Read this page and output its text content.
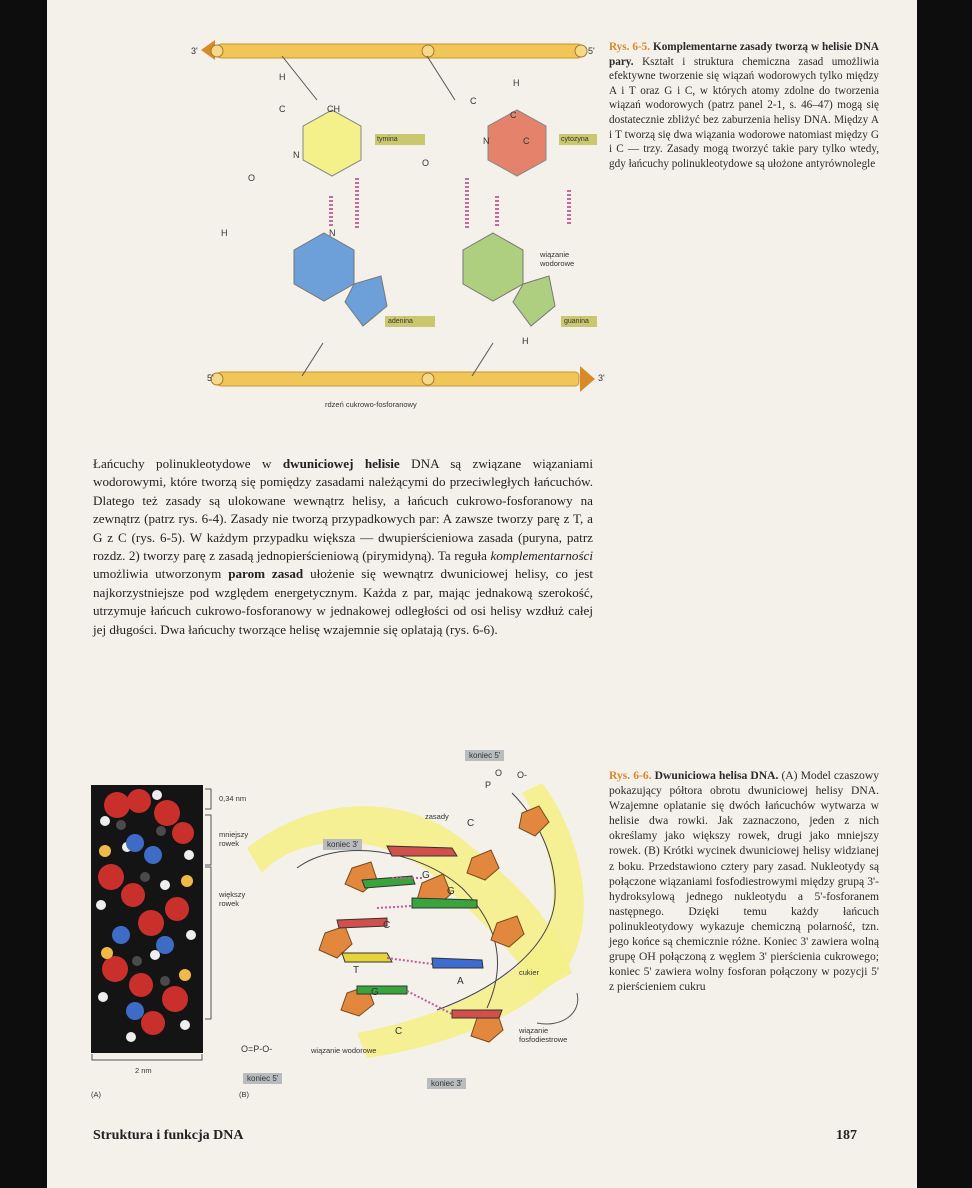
H
C	CH
N
O
C
H
C
N	C
O
H	N
H
3'	5'
5'	3'
tymina	cytozyna
adenina	guanina
wiązanie wodorowe
rdzeń cukrowo-fosforanowy
Rys. 6-5. Komplementarne zasady tworzą w helisie DNA pary. Kształt i struktura chemiczna zasad umożliwia efektywne tworzenie się wiązań wodorowych tylko między A i T oraz G i C, w których atomy zdolne do tworzenia wiązań wodorowych (patrz panel 2-1, s. 46–47) mogą się dostatecznie zbliżyć bez zaburzenia helisy DNA. Między A i T tworzą się dwa wiązania wodorowe natomiast między G i C — trzy. Zasady mogą tworzyć takie pary tylko wtedy, gdy łańcuchy polinukleotydowe są ułożone antyrównolegle

Łańcuchy polinukleotydowe w dwuniciowej helisie DNA są związane wiązaniami wodorowymi, które tworzą się pomiędzy zasadami należącymi do przeciwległych łańcuchów. Dlatego też zasady są ulokowane wewnątrz helisy, a łańcuch cukrowo-fosforanowy na zewnątrz (patrz rys. 6-4). Zasady nie tworzą przypadkowych par: A zawsze tworzy parę z T, a G z C (rys. 6-5). W każdym przypadku większa — dwupierścieniowa zasada (puryna, patrz rozdz. 2) tworzy parę z zasadą jednopierścieniową (pirymidyną). Ta reguła komplementarności umożliwia utworzonym parom zasad ułożenie się wewnątrz dwuniciowej helisy, co jest najkorzystniejsze pod względem energetycznym. Każda z par, mając jednakową szerokość, utrzymuje łańcuch cukrowo-fosforanowy w jednakowej odległości od osi helisy wzdłuż całej jej długości. Dwa łańcuchy tworzące helisę wzajemnie się oplatają (rys. 6-6).

0,34 nm
mniejszy rowek
większy rowek
2 nm
(A)	(B)
koniec 5'
koniec 3'
koniec 5'
koniec 3'
zasady
cukier
wiązanie fosfodiestrowe
wiązanie wodorowe
C
G
G
C
T
A
G
C
O
P
O-
O=P-O-
Rys. 6-6. Dwuniciowa helisa DNA. (A) Model czaszowy pokazujący półtora obrotu dwuniciowej helisy DNA. Wzajemne oplatanie się dwóch łańcuchów wytwarza w helisie dwa rowki. Jak zaznaczono, jeden z nich określamy jako większy rowek, drugi jako mniejszy rowek. (B) Krótki wycinek dwuniciowej helisy widzianej z boku. Przedstawiono cztery pary zasad. Nukleotydy są połączone wiązaniami fosfodiestrowymi między grupą 3'-hydroksylową jednego nukleotydu a 5'-fosforanem następnego. Dzięki temu każdy łańcuch polinukleotydowy wykazuje chemiczną polarność, tzn. jego końce są chemicznie różne. Koniec 3' zawiera wolną grupę OH połączoną z węglem 3' pierścienia cukrowego; koniec 5' zawiera wolny fosforan połączony w pozycji 5' z pierścieniem cukru
Struktura i funkcja DNA	187
